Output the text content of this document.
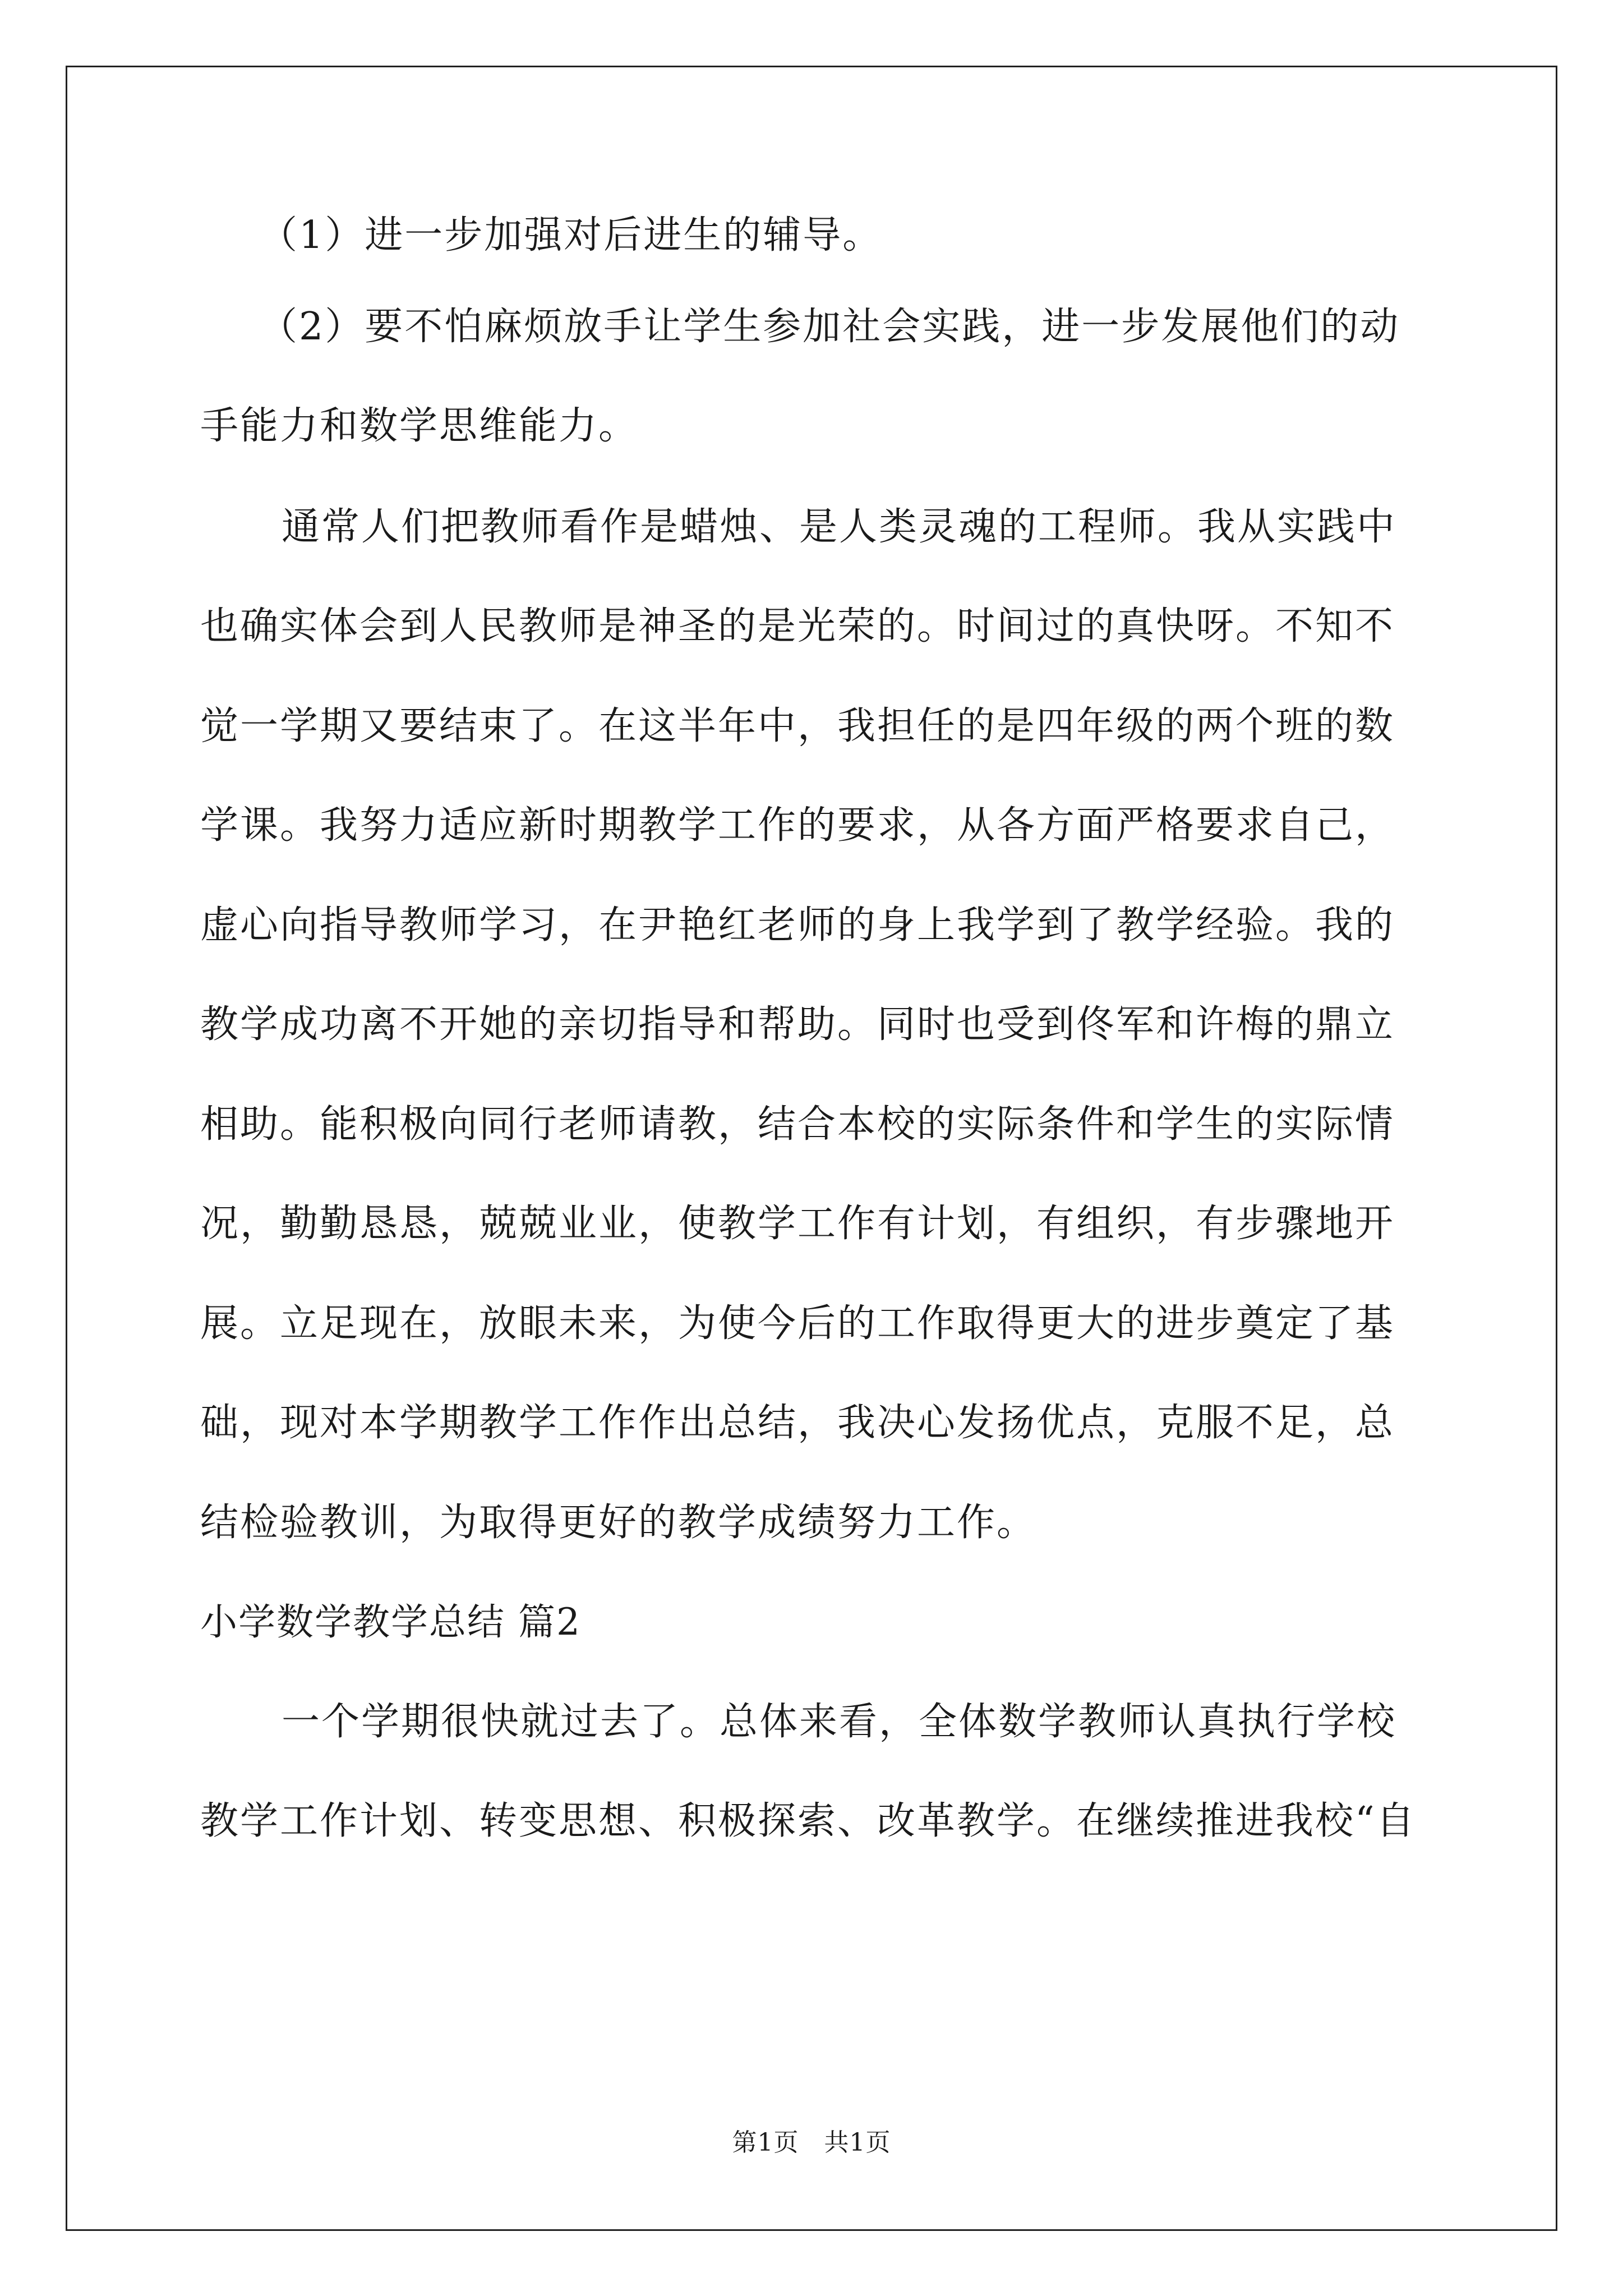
（1）进一步加强对后进生的辅导。
（2）要不怕麻烦放手让学生参加社会实践，进一步发展他们的动
手能力和数学思维能力。
通常人们把教师看作是蜡烛、是人类灵魂的工程师。我从实践中
也确实体会到人民教师是神圣的是光荣的。时间过的真快呀。不知不
觉一学期又要结束了。在这半年中，我担任的是四年级的两个班的数
学课。我努力适应新时期教学工作的要求，从各方面严格要求自己，
虚心向指导教师学习，在尹艳红老师的身上我学到了教学经验。我的
教学成功离不开她的亲切指导和帮助。同时也受到佟军和许梅的鼎立
相助。能积极向同行老师请教，结合本校的实际条件和学生的实际情
况，勤勤恳恳，兢兢业业，使教学工作有计划，有组织，有步骤地开
展。立足现在，放眼未来，为使今后的工作取得更大的进步奠定了基
础，现对本学期教学工作作出总结，我决心发扬优点，克服不足，总
结检验教训，为取得更好的教学成绩努力工作。
小学数学教学总结 篇2
一个学期很快就过去了。总体来看，全体数学教师认真执行学校
教学工作计划、转变思想、积极探索、改革教学。在继续推进我校“自
第1页　共1页
